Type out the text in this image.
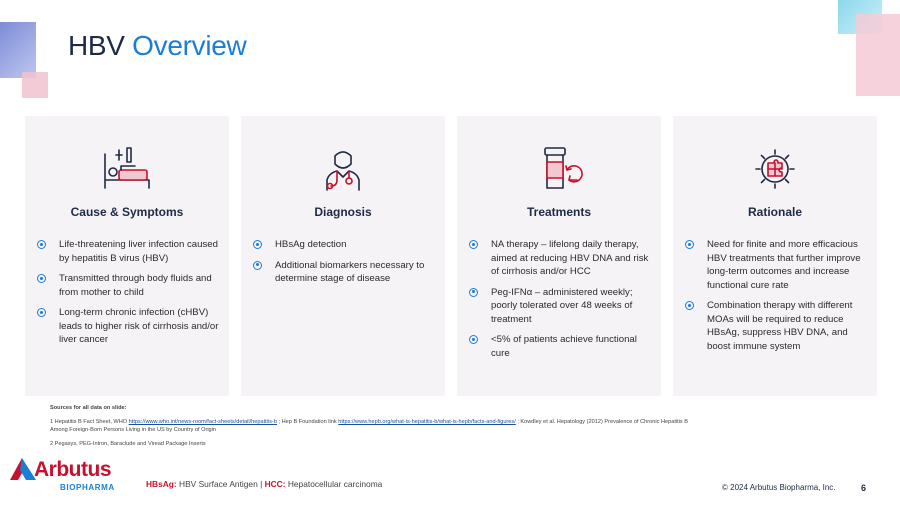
HBV Overview
Cause & Symptoms
Life-threatening liver infection caused by hepatitis B virus (HBV)
Transmitted through body fluids and from mother to child
Long-term chronic infection (cHBV) leads to higher risk of cirrhosis and/or liver cancer
Diagnosis
HBsAg detection
Additional biomarkers necessary to determine stage of disease
Treatments
NA therapy – lifelong daily therapy, aimed at reducing HBV DNA and risk of cirrhosis and/or HCC
Peg-IFNα – administered weekly; poorly tolerated over 48 weeks of treatment
<5% of patients achieve functional cure
Rationale
Need for finite and more efficacious HBV treatments that further improve long-term outcomes and increase functional cure rate
Combination therapy with different MOAs will be required to reduce HBsAg, suppress HBV DNA, and boost immune system
Sources for all data on slide:

1 Hepatitis B Fact Sheet, WHO https://www.who.int/news-room/fact-sheets/detail/hepatitis-b ; Hep B Foundation link https://www.hepb.org/what-is-hepatitis-b/what-is-hepb/facts-and-figures/ ; Kowdley et al. Hepatology (2012) Prevalence of Chronic Hepatitis B Among Foreign-Born Persons Living in the US by Country of Origin

2 Pegasys, PEG-Intron, Baraclude and Viread Package Inserts

Arbutus
BIOPHARMA	HBsAg: HBV Surface Antigen | HCC: Hepatocellular carcinoma	© 2024 Arbutus Biopharma, Inc.	6
